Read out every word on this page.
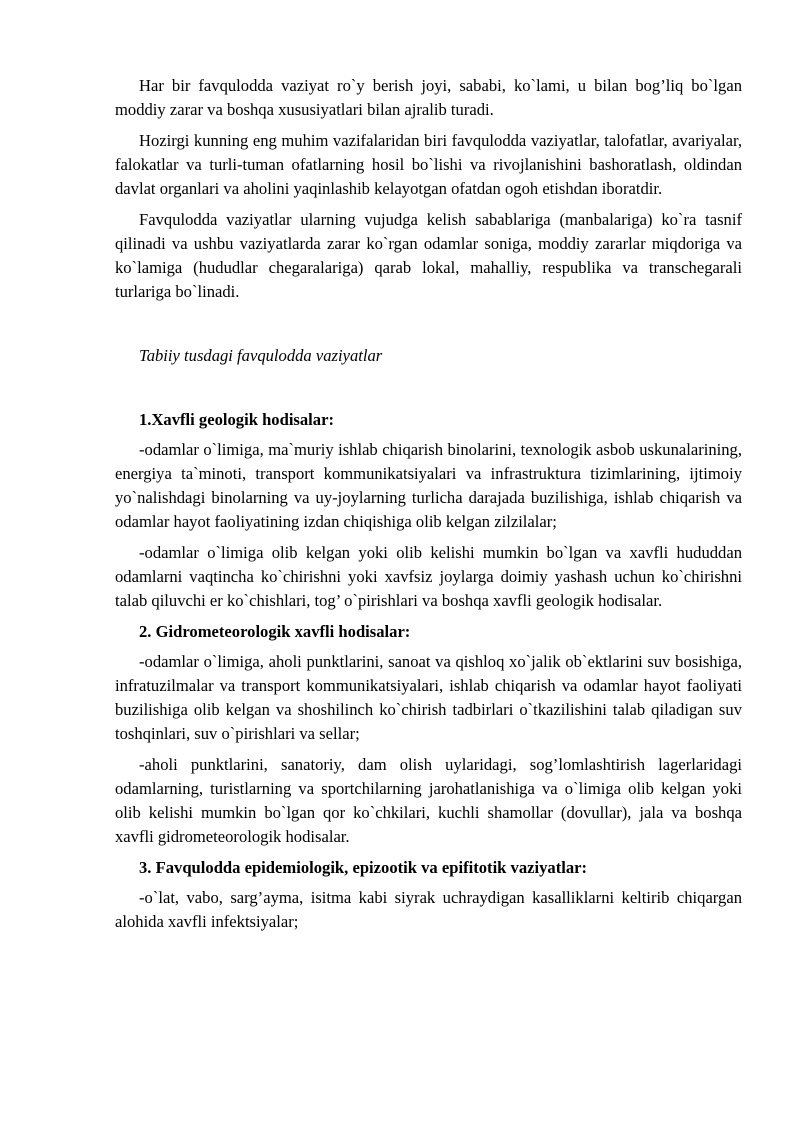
Har bir favqulodda vaziyat ro`y berish joyi, sababi, ko`lami, u bilan bog’liq bo`lgan moddiy zarar va boshqa xususiyatlari bilan ajralib turadi.

Hozirgi kunning eng muhim vazifalaridan biri favqulodda vaziyatlar, talofatlar, avariyalar, falokatlar va turli-tuman ofatlarning hosil bo`lishi va rivojlanishini bashoratlash, oldindan davlat organlari va aholini yaqinlashib kelayotgan ofatdan ogoh etishdan iboratdir.

Favqulodda vaziyatlar ularning vujudga kelish sabablariga (manbalariga) ko`ra tasnif qilinadi va ushbu vaziyatlarda zarar ko`rgan odamlar soniga, moddiy zararlar miqdoriga va ko`lamiga (hududlar chegaralariga) qarab lokal, mahalliy, respublika va transchegarali turlariga bo`linadi.

Tabiiy tusdagi favqulodda vaziyatlar

1.Xavfli geologik hodisalar:

-odamlar o`limiga, ma`muriy ishlab chiqarish binolarini, texnologik asbob uskunalarining, energiya ta`minoti, transport kommunikatsiyalari va infrastruktura tizimlarining, ijtimoiy yo`nalishdagi binolarning va uy-joylarning turlicha darajada buzilishiga, ishlab chiqarish va odamlar hayot faoliyatining izdan chiqishiga olib kelgan zilzilalar;

-odamlar o`limiga olib kelgan yoki olib kelishi mumkin bo`lgan va xavfli hududdan odamlarni vaqtincha ko`chirishni yoki xavfsiz joylarga doimiy yashash uchun ko`chirishni talab qiluvchi er ko`chishlari, tog’ o`pirishlari va boshqa xavfli geologik hodisalar.

2. Gidrometeorologik xavfli hodisalar:

-odamlar o`limiga, aholi punktlarini, sanoat va qishloq xo`jalik ob`ektlarini suv bosishiga, infratuzilmalar va transport kommunikatsiyalari, ishlab chiqarish va odamlar hayot faoliyati buzilishiga olib kelgan va shoshilinch ko`chirish tadbirlari o`tkazilishini talab qiladigan suv toshqinlari, suv o`pirishlari va sellar;

-aholi punktlarini, sanatoriy, dam olish uylaridagi, sog’lomlashtirish lagerlaridagi odamlarning, turistlarning va sportchilarning jarohatlanishiga va o`limiga olib kelgan yoki olib kelishi mumkin bo`lgan qor ko`chkilari, kuchli shamollar (dovullar), jala va boshqa xavfli gidrometeorologik hodisalar.

3. Favqulodda epidemiologik, epizootik va epifitotik vaziyatlar:

-o`lat, vabo, sarg’ayma, isitma kabi siyrak uchraydigan kasalliklarni keltirib chiqargan alohida xavfli infektsiyalar;
